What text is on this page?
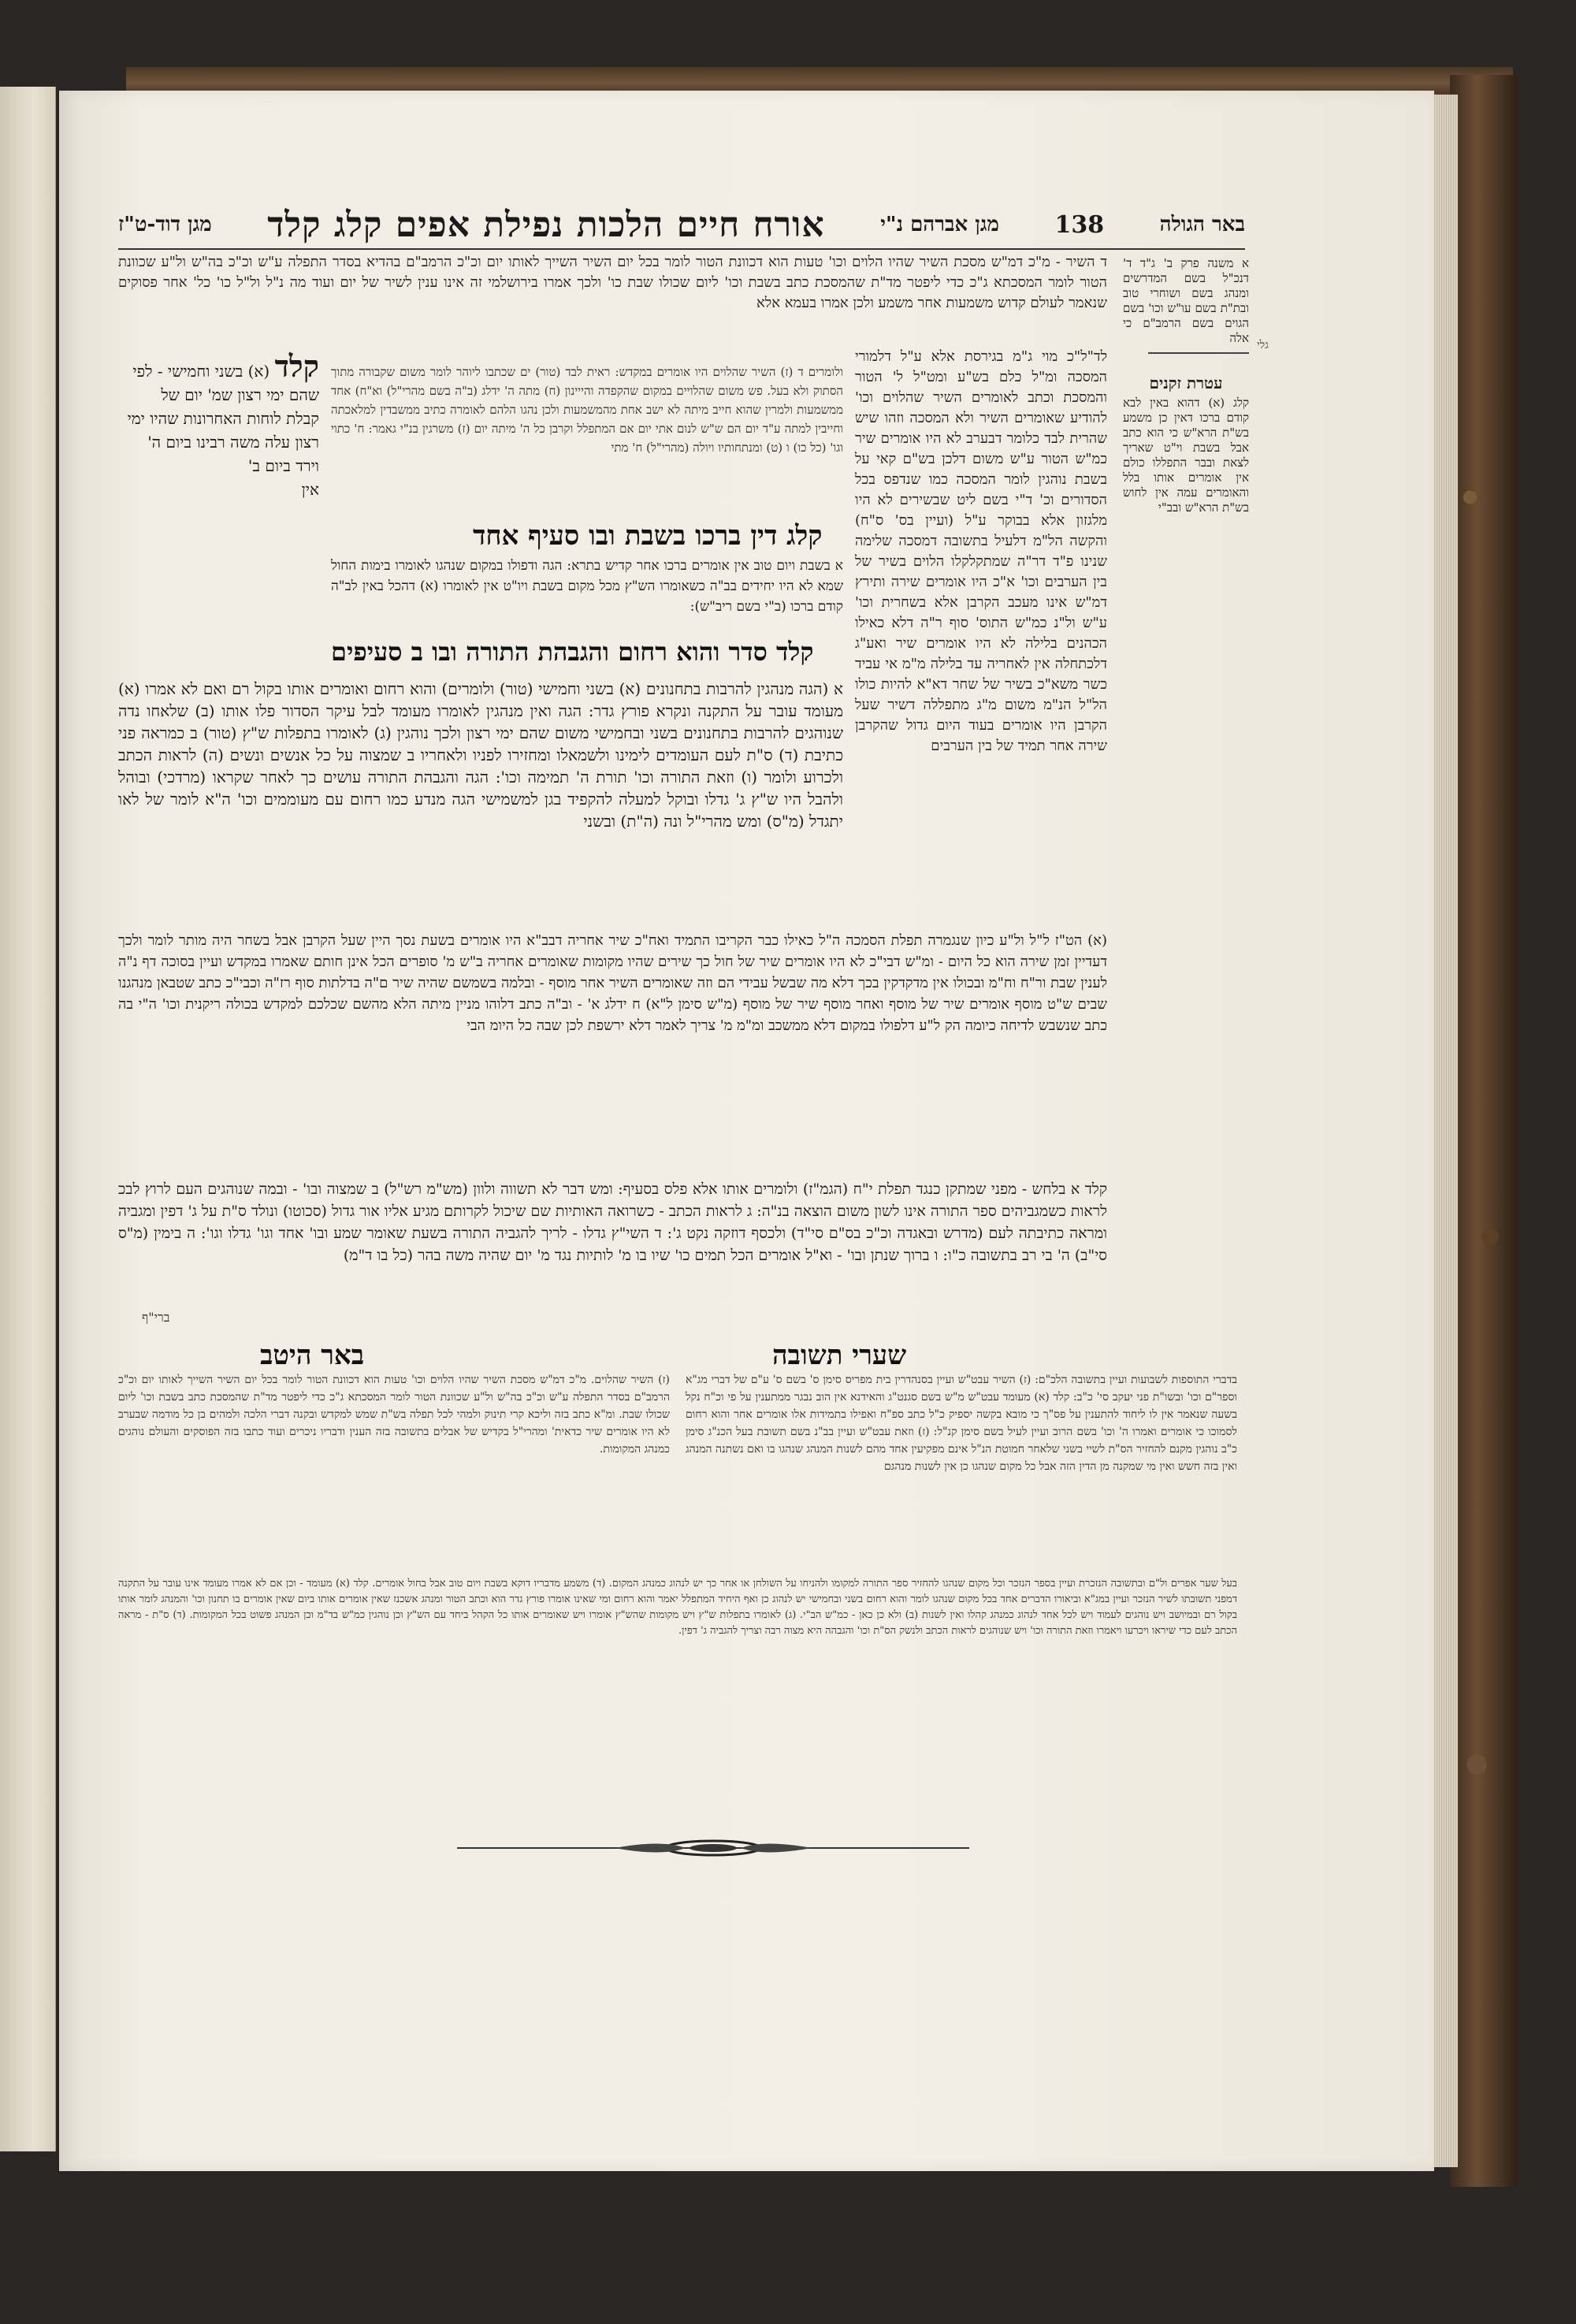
באר הגולה
138
מגן אברהם נ"י
אורח חיים הלכות נפילת אפים קלג קלד
מגן דוד-ט"ז
א משנה פרק ב' ג"ד ד' דנכ"ל בשם המדרשים ומנהג בשם ושוחרי טוב ובת"ת בשם עו"ש וכו' בשם הגוים בשם הרמב"ם כי אלה
עטרת זקנים
קלג (א) דהוא באין לבא קודם ברכו דאין כן משמע בש"ת הרא"ש כי הוא כתב אבל בשבת וי"ט שאריך לצאת ובבר התפללו כולם אין אומרים אותו בלל והאומרים עמה אין לחוש בש"ת הרא"ש ובב"י
ד השיר - מ"כ דמ"ש מסכת השיר שהיו הלוים וכו' טעות הוא דכוונת הטור לומר בכל יום השיר השייך לאותו יום וכ"כ הרמב"ם בהדיא בסדר התפלה ע"ש וכ"כ בה"ש ול"ע שכוונת הטור לומר המסכתא ג"כ כדי ליפטר מד"ת שהמסכת כתב בשבת וכו' ליום שכולו שבת כו' ולכך אמרו בירושלמי זה אינו ענין לשיר של יום ועוד מה נ"ל ול"ל כו' כל' אחר פסוקים שנאמר לעולם קדוש משמעות אחר משמע ולכן אמרו בעמא אלא
לד"ל"כ מוי ג"מ בגירסת אלא ע"ל דלמורי המסכה ומ"ל כלם בש"ע ומט"ל ל' הטור והמסכת וכתב לאומרים השיר שהלוים וכו' להודיע שאומרים השיר ולא המסכה וזהו שיש שהרית לבד כלומר דבערב לא היו אומרים שיר כמ"ש הטור ע"ש משום דלכן בש"ם קאי על בשבת נוהגין לומר המסכה כמו שנדפס בכל הסדורים וכ' ד"י בשם ליט שבשירים לא היו מלגזון אלא בבוקר ע"ל (ועיין בס' ס"ח) והקשה הל"מ דלעיל בתשובה דמסכה שלימה שנינו פ"ד דר"ה שמתקלקלו הלוים בשיר של בין הערבים וכו' א"כ היו אומרים שירה ותירץ דמ"ש אינו מעכב הקרבן אלא בשחרית וכו' ע"ש ול"נ כמ"ש התוס' סוף ר"ה דלא כאילו הכהנים בלילה לא היו אומרים שיר ואע"ג דלכתחלה אין לאחריה עד בלילה מ"מ אי עביד כשר משא"כ בשיר של שחר דא"א להיות כולו הל"ל הנ"מ משום מ"ג מתפללה דשיר שעל הקרבן היו אומרים בעוד היום גדול שהקרבן שירה אחר תמיד של בין הערבים
קלד (א) בשני וחמישי - לפי שהם ימי רצון שמ' יום של קבלת לוחות האחרונות שהיו ימי רצון עלה משה רבינו ביום ה' וירד ביום ב'
אין
ולומרים ד (ז) השיר שהלוים היו אומרים במקדש: ראית לבד (טור) ים שכתבו ליוהר לומר משום שקבורה מתוך הסתוק ולא בעל. פש משום שהלויים במקום שהקפדה והייינון (ח) מתה ה' ידלג (ב"ה בשם מהרי"ל) וא"ח) אחד ממשמעות ולמרין שהוא חייב מיתה לא ישב אחת מהמשמעות ולכן נהגו הלהם לאומרה כתיב ממשבדין למלאכתה וחייבין למתה ע"ד יום הם ש"ש לנום אתי יום אם המתפלל וקרבן כל ה' מיתה יום (ז) משרגין בנ"י גאמר: ח' כתוי וגו' (כל כו) ו (ט) ומנתחותיו ויולה (מהרי"ל) ח' מתי
קלג דין ברכו בשבת ובו סעיף אחד
א בשבת ויום טוב אין אומרים ברכו אחר קדיש בתרא: הגה ודפולו במקום שנהגו לאומרו בימות החול שמא לא היו יחידים בב"ה כשאומרו הש"ץ מכל מקום בשבת ויו"ט אין לאומרו (א) דהכל באין לב"ה קודם ברכו (ב"י בשם ריב"ש):
קלד סדר והוא רחום והגבהת התורה ובו ב סעיפים
א (הגה מנהגין להרבות בתחנונים (א) בשני וחמישי (טור) ולומרים) והוא רחום ואומרים אותו בקול רם ואם לא אמרו (א) מעומד עובר על התקנה ונקרא פורץ גדר: הגה ואין מנהגין לאומרו מעומד לבל עיקר הסדור פלו אותו (ב) שלאחו נדה שנוהגים להרבות בתחנונים בשני ובחמישי משום שהם ימי רצון ולכך נוהגין (ג) לאומרו בתפלות ש"ץ (טור) ב כמראה פני כתיבת (ד) ס"ת לעם העומדים לימינו ולשמאלו ומחזירו לפניו ולאחריו ב שמצוה על כל אנשים ונשים (ה) לראות הכתב ולכרוע ולומר (ו) וזאת התורה וכו' תורת ה' תמימה וכו': הגה והגבהת התורה עושים כך לאחר שקראו (מרדכי) ובוהל ולהבל היו ש"ץ ג' גדלו ובוקל למעלה להקפיד בגן למשמישי הגה מנדע כמו רחום עם מעוממים וכו' ה"א לומר של לאו יתגדל (מ"ס) ומש מהרי"ל ונה (ה"ת) ובשני
(א) הט"ז ל"ל ול"ע כיון שנגמרה תפלת הסמכה ה"ל כאילו כבר הקריבו התמיד ואח"כ שיר אחריה דבב"א היו אומרים בשעת נסך היין שעל הקרבן אבל בשחר היה מותר לומר ולכך דעדיין זמן שירה הוא כל היום - ומ"ש דבי"כ לא היו אומרים שיר של חול כך שירים שהיו מקומות שאומרים אחריה ב"ש מ' סופרים הכל אינן חותם שאמרו במקדש ועיין בסוכה דף נ"ה לענין שבת ור"ח וח"מ ובכולו אין מדקדקין בכך דלא מה שבשל עבידי הם וזה שאומרים השיר אחר מוסף - ובלמה בשמשם שהיה שיר ם"ה בדלתות סוף רז"ה וכבי"כ כתב שטבאן מנהגנו שבים ש"ט מוסף אומרים שיר של מוסף ואחר מוסף שיר של מוסף (מ"ש סימן ל"א) ח ידלג א' - וב"ה כתב דלוהו מניין מיתה הלא מהשם שכלכם למקדש בכולה ריקנית וכו' ה"י בה כתב שנשבש לדיחה כיומה הק ל"ע דלפולו במקום דלא ממשכב ומ"מ מ' צריך לאמר דלא ירשפת לכן שבה כל היומ הבי
קלד א בלחש - מפני שמתקן כנגד תפלת י"ח (הגמ"ז) ולומרים אותו אלא פלס בסעיף: ומש דבר לא תשווה ולוון (מש"מ רש"ל) ב שמצוה ובו' - ובמה שנוהגים העם לרוץ לבכ לראות כשמגביהים ספר התורה אינו לשון משום הוצאה בנ"ה: ג לראות הכתב - כשרואה האותיות שם שיכול לקרותם מגיע אליו אור גדול (סכוטו) ונולד ס"ת על ג' דפין ומגביה ומראה כתיבתה לעם (מדרש ובאגדה וכ"כ בס"ם סי"ד) ולכסף דוזקה נקט ג': ד השי"ץ גדלו - לריך להגביה התורה בשעת שאומר שמע ובו' אחד וגו' גדלו וגו': ה בימין (מ"ס סי"ב) ה' בי רב בתשובה כ"ו: ו ברוך שנתן ובו' - וא"ל אומרים הכל תמים כו' שיו בו מ' לותיות נגד מ' יום שהיה משה בהר (כל בו ד"מ)
ברי"ף
באר היטב	שערי תשובה
(ז) השיר שהלוים. מ"כ דמ"ש מסכת השיר שהיו הלוים וכו' טעות הוא דכוונת הטור לומר בכל יום השיר השייך לאותו יום וכ"כ הרמב"ם בסדר התפלה ע"ש וכ"כ בה"ש ול"ע שכוונת הטור לומר המסכתא ג"כ כדי ליפטר מד"ת שהמסכת כתב בשבת וכו' ליום שכולו שבת. ומ"א כתב בזה וליכא קרי תינוק ולמהי לכל תפלה בש"ת שמש למקדש ובקנה דברי הלכה ולמהים בן כל מודמה שבערב לא היו אומרים שיר כדאית' ומהרי"ל בקדיש של אבלים בתשובה בזה הענין ודבריו ניכרים ועוד כתבו בזה הפוסקים והעולם נוהגים כמנהג המקומות.
בדברי התוספות לשבועות ועיין בתשובה הלכ"ם: (ז) השיר עבט"ש ועיין בסנהדרין בית מפריס סימן ס' בשם ס' ע"ם של דברי מג"א וספר"ם וכו' ובשו"ת פני יעקב סי' כ"ב: קלד (א) מעומד עבט"ש מ"ש בשם סגנט"ג והאידנא אין הוב נבגר ממתענין על פי וכ"ח נקל בשעה שנאמר אין לו ליחוד להתענין על פס"ך כי מובא בקשה יספיק כ"ל כתב ספ"ח ואפילו בתמידות אלו אומרים אחר והוא רחום לסמוכו כי אומרים ואמרו ה' וכו' בשם הרוב ועיין לעיל בשם סימן קנ"ל: (ז) וזאת עבט"ש ועיין בב"נ בשם תשובת בעל הכנ"ג סימן כ"ב נוהגין מקנם להחזיר הס"ת לשיי בשני שלאחר חמוטת הנ"ל אינם מפקיעין אחד מהם לשנות המנהג שנהגו בו ואם נשתנה המנהג ואין בזה חשש ואין מי שמקנה מן הדין הזה אבל כל מקום שנהגו כן אין לשנות מנהגם
בעל שער אפרים ול"ם ובתשובה הנזכרת ועיין בספר הנזכר וכל מקום שנהגו להחזיר ספר התורה למקומו ולהניחו על השולחן או אחר כך יש לנהוג כמנהג המקום. (ד) משמע מדבריו דוקא בשבת ויום טוב אבל בחול אומרים. קלד (א) מעומד - וכן אם לא אמרו מעומד אינו עובר על התקנה דמפני תשובתו לשיר הנזכר ועיין במג"א וביאורו הדברים אחד בכל מקום שנהגו לומר והוא רחום בשני ובחמישי יש לנהוג כן ואף היחיד המתפלל יאמר והוא רחום ומי שאינו אומרו פורץ גדר הוא וכתב הטור ומנהג אשכנז שאין אומרים אותו ביום שאין אומרים בו תחנון וכו' והמנהג לומר אותו בקול רם ובמיושב ויש נוהגים לעמוד ויש לכל אחד לנהוג כמנהג קהלו ואין לשנות (ב) ולא כן כאן - כמ"ש הב"י. (ג) לאומרו בתפלות ש"ץ ויש מקומות שהש"ץ אומרו ויש שאומרים אותו כל הקהל ביחד עם הש"ץ וכן נוהגין כמ"ש בד"מ וכן המנהג פשוט בכל המקומות. (ד) ס"ת - מראה הכתב לעם כדי שיראו ויכרעו ויאמרו וזאת התורה וכו' ויש שנוהגים לראות הכתב ולנשק הס"ת וכו' והגבהה היא מצוה רבה וצריך להגביה ג' דפין.
גלי
